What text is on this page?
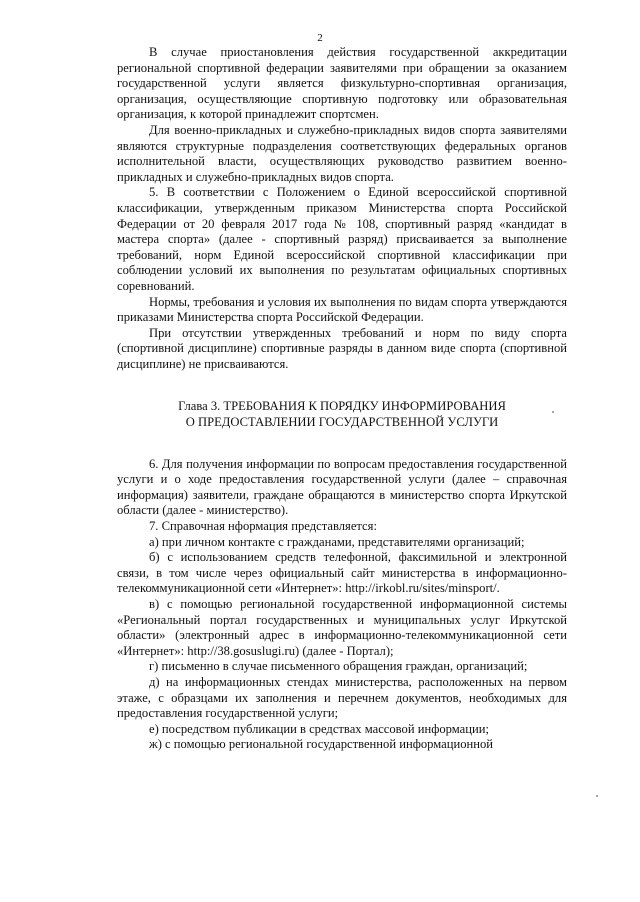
2

В случае приостановления действия государственной аккредитации региональной спортивной федерации заявителями при обращении за оказанием государственной услуги является физкультурно-спортивная организация, организация, осуществляющие спортивную подготовку или образовательная организация, к которой принадлежит спортсмен.

Для военно-прикладных и служебно-прикладных видов спорта заявителями являются структурные подразделения соответствующих федеральных органов исполнительной власти, осуществляющих руководство развитием военно-прикладных и служебно-прикладных видов спорта.

5. В соответствии с Положением о Единой всероссийской спортивной классификации, утвержденным приказом Министерства спорта Российской Федерации от 20 февраля 2017 года № 108, спортивный разряд «кандидат в мастера спорта» (далее - спортивный разряд) присваивается за выполнение требований, норм Единой всероссийской спортивной классификации при соблюдении условий их выполнения по результатам официальных спортивных соревнований.

Нормы, требования и условия их выполнения по видам спорта утверждаются приказами Министерства спорта Российской Федерации.

При отсутствии утвержденных требований и норм по виду спорта (спортивной дисциплине) спортивные разряды в данном виде спорта (спортивной дисциплине) не присваиваются.

Глава 3. ТРЕБОВАНИЯ К ПОРЯДКУ ИНФОРМИРОВАНИЯ
О ПРЕДОСТАВЛЕНИИ ГОСУДАРСТВЕННОЙ УСЛУГИ

6. Для получения информации по вопросам предоставления государственной услуги и о ходе предоставления государственной услуги (далее – справочная информация) заявители, граждане обращаются в министерство спорта Иркутской области (далее - министерство).

7. Справочная нформация представляется:

а) при личном контакте с гражданами, представителями организаций;

б) с использованием средств телефонной, факсимильной и электронной связи, в том числе через официальный сайт министерства в информационно-телекоммуникационной сети «Интернет»: http://irkobl.ru/sites/minsport/.

в) с помощью региональной государственной информационной системы «Региональный портал государственных и муниципальных услуг Иркутской области» (электронный адрес в информационно-телекоммуникационной сети «Интернет»: http://38.gosuslugi.ru) (далее - Портал);

г) письменно в случае письменного обращения граждан, организаций;

д) на информационных стендах министерства, расположенных на первом этаже, с образцами их заполнения и перечнем документов, необходимых для предоставления государственной услуги;

е) посредством публикации в средствах массовой информации;

ж) с помощью региональной государственной информационной
